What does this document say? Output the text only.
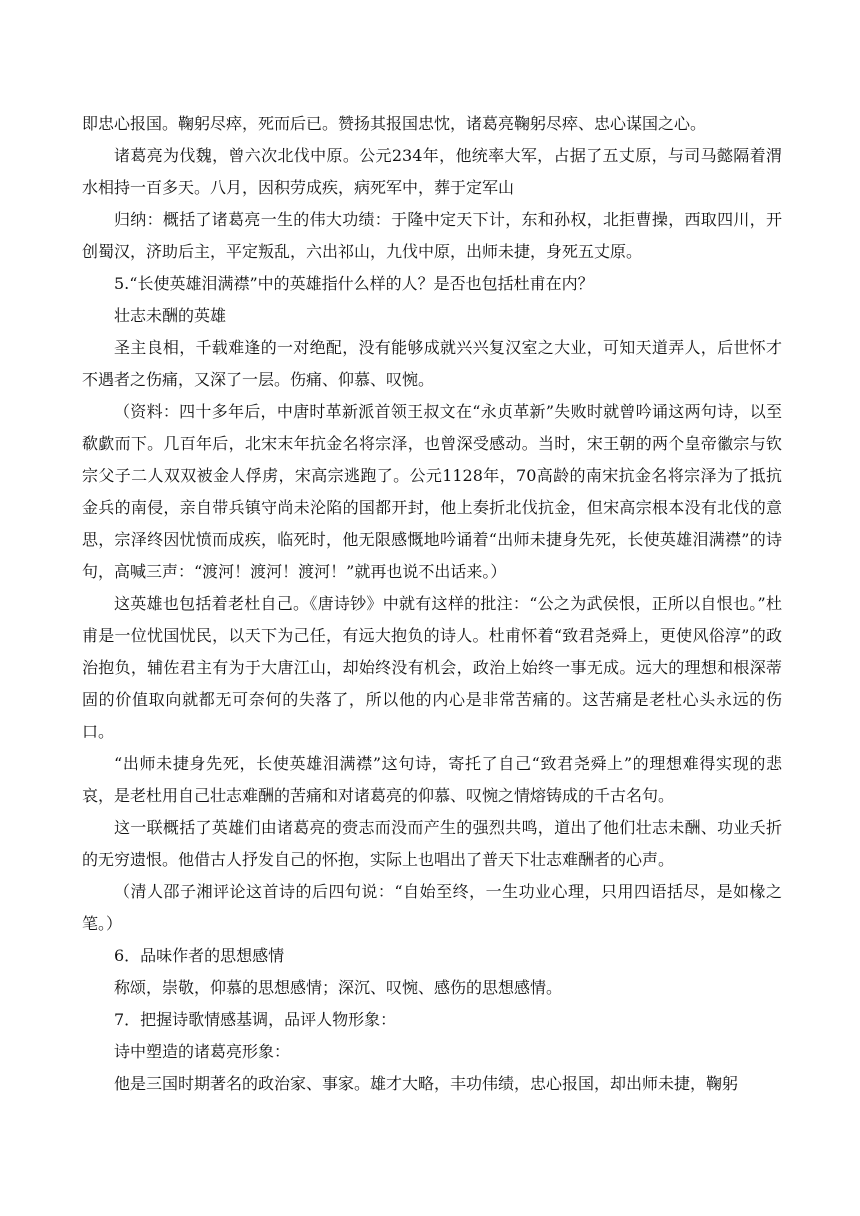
即忠心报国。鞠躬尽瘁，死而后已。赞扬其报国忠忱，诸葛亮鞠躬尽瘁、忠心谋国之心。

诸葛亮为伐魏，曾六次北伐中原。公元234年，他统率大军，占据了五丈原，与司马懿隔着渭水相持一百多天。八月，因积劳成疾，病死军中，葬于定军山

归纳：概括了诸葛亮一生的伟大功绩：于隆中定天下计，东和孙权，北拒曹操，西取四川，开创蜀汉，济助后主，平定叛乱，六出祁山，九伐中原，出师未捷，身死五丈原。

5.“长使英雄泪满襟”中的英雄指什么样的人？是否也包括杜甫在内？

壮志未酬的英雄

圣主良相，千载难逢的一对绝配，没有能够成就兴兴复汉室之大业，可知天道弄人，后世怀才不遇者之伤痛，又深了一层。伤痛、仰慕、叹惋。

（资料：四十多年后，中唐时革新派首领王叔文在“永贞革新”失败时就曾吟诵这两句诗，以至欷歔而下。几百年后，北宋末年抗金名将宗泽，也曾深受感动。当时，宋王朝的两个皇帝徽宗与钦宗父子二人双双被金人俘虏，宋高宗逃跑了。公元1128年，70高龄的南宋抗金名将宗泽为了抵抗金兵的南侵，亲自带兵镇守尚未沦陷的国都开封，他上奏折北伐抗金，但宋高宗根本没有北伐的意思，宗泽终因忧愤而成疾，临死时，他无限感慨地吟诵着“出师未捷身先死，长使英雄泪满襟”的诗句，高喊三声：“渡河！渡河！渡河！”就再也说不出话来。）

这英雄也包括着老杜自己。《唐诗钞》中就有这样的批注：“公之为武侯恨，正所以自恨也。”杜甫是一位忧国忧民，以天下为己任，有远大抱负的诗人。杜甫怀着“致君尧舜上，更使风俗淳”的政治抱负，辅佐君主有为于大唐江山，却始终没有机会，政治上始终一事无成。远大的理想和根深蒂固的价值取向就都无可奈何的失落了，所以他的内心是非常苦痛的。这苦痛是老杜心头永远的伤口。

“出师未捷身先死，长使英雄泪满襟”这句诗，寄托了自己“致君尧舜上”的理想难得实现的悲哀，是老杜用自己壮志难酬的苦痛和对诸葛亮的仰慕、叹惋之情熔铸成的千古名句。

这一联概括了英雄们由诸葛亮的赍志而没而产生的强烈共鸣，道出了他们壮志未酬、功业夭折的无穷遗恨。他借古人抒发自己的怀抱，实际上也唱出了普天下壮志难酬者的心声。

（清人邵子湘评论这首诗的后四句说：“自始至终，一生功业心理，只用四语括尽，是如椽之笔。）

6．品味作者的思想感情

称颂，崇敬，仰慕的思想感情；深沉、叹惋、感伤的思想感情。

7．把握诗歌情感基调，品评人物形象：

诗中塑造的诸葛亮形象：

他是三国时期著名的政治家、事家。雄才大略，丰功伟绩，忠心报国，却出师未捷，鞠躬
